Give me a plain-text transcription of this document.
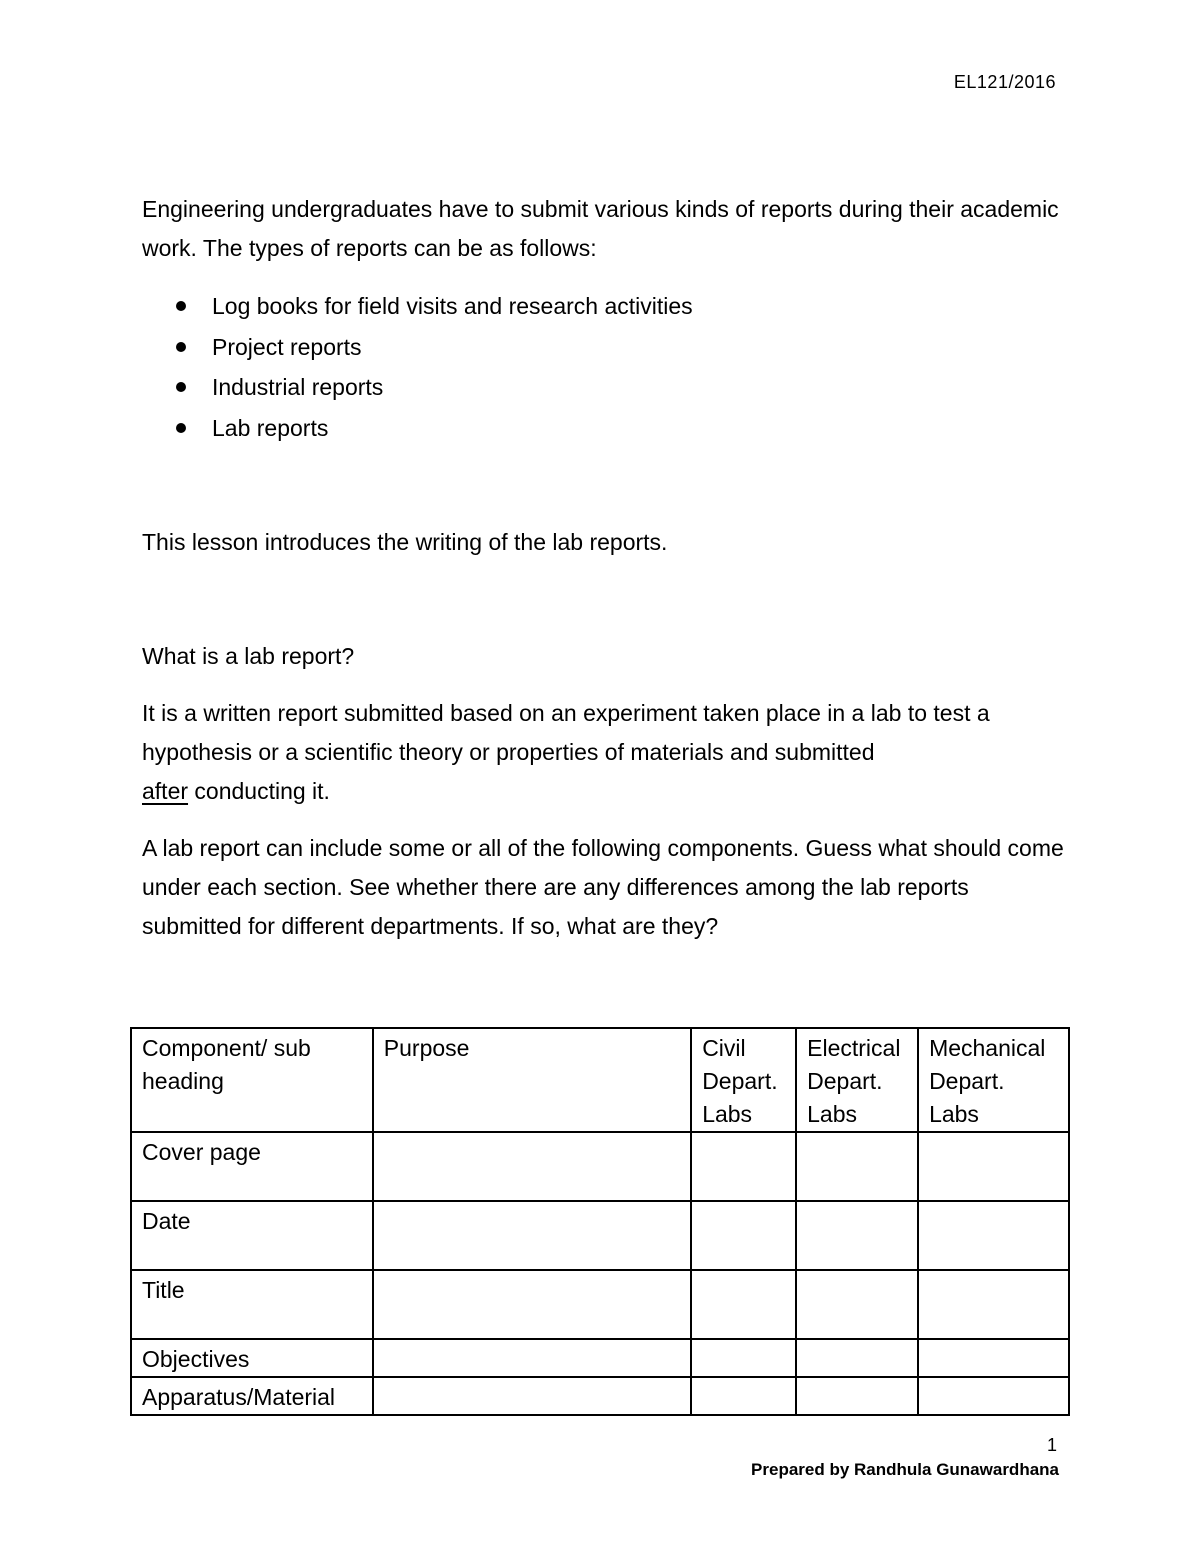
EL121/2016

Engineering undergraduates have to submit various kinds of reports during their academic work. The types of reports can be as follows:

Log books for field visits and research activities
Project reports
Industrial reports
Lab reports

This lesson introduces the writing of the lab reports.

What is a lab report?

It is a written report submitted based on an experiment taken place in a lab to test a hypothesis or a scientific theory or properties of materials and submitted
after conducting it.

A lab report can include some or all of the following components. Guess what should come under each section. See whether there are any differences among the lab reports submitted for different departments. If so, what are they?

Component/ sub heading	Purpose	Civil Depart. Labs	Electrical Depart. Labs	Mechanical Depart. Labs
Cover page				
Date				
Title				
Objectives				
Apparatus/Material				
1
Prepared by Randhula Gunawardhana
